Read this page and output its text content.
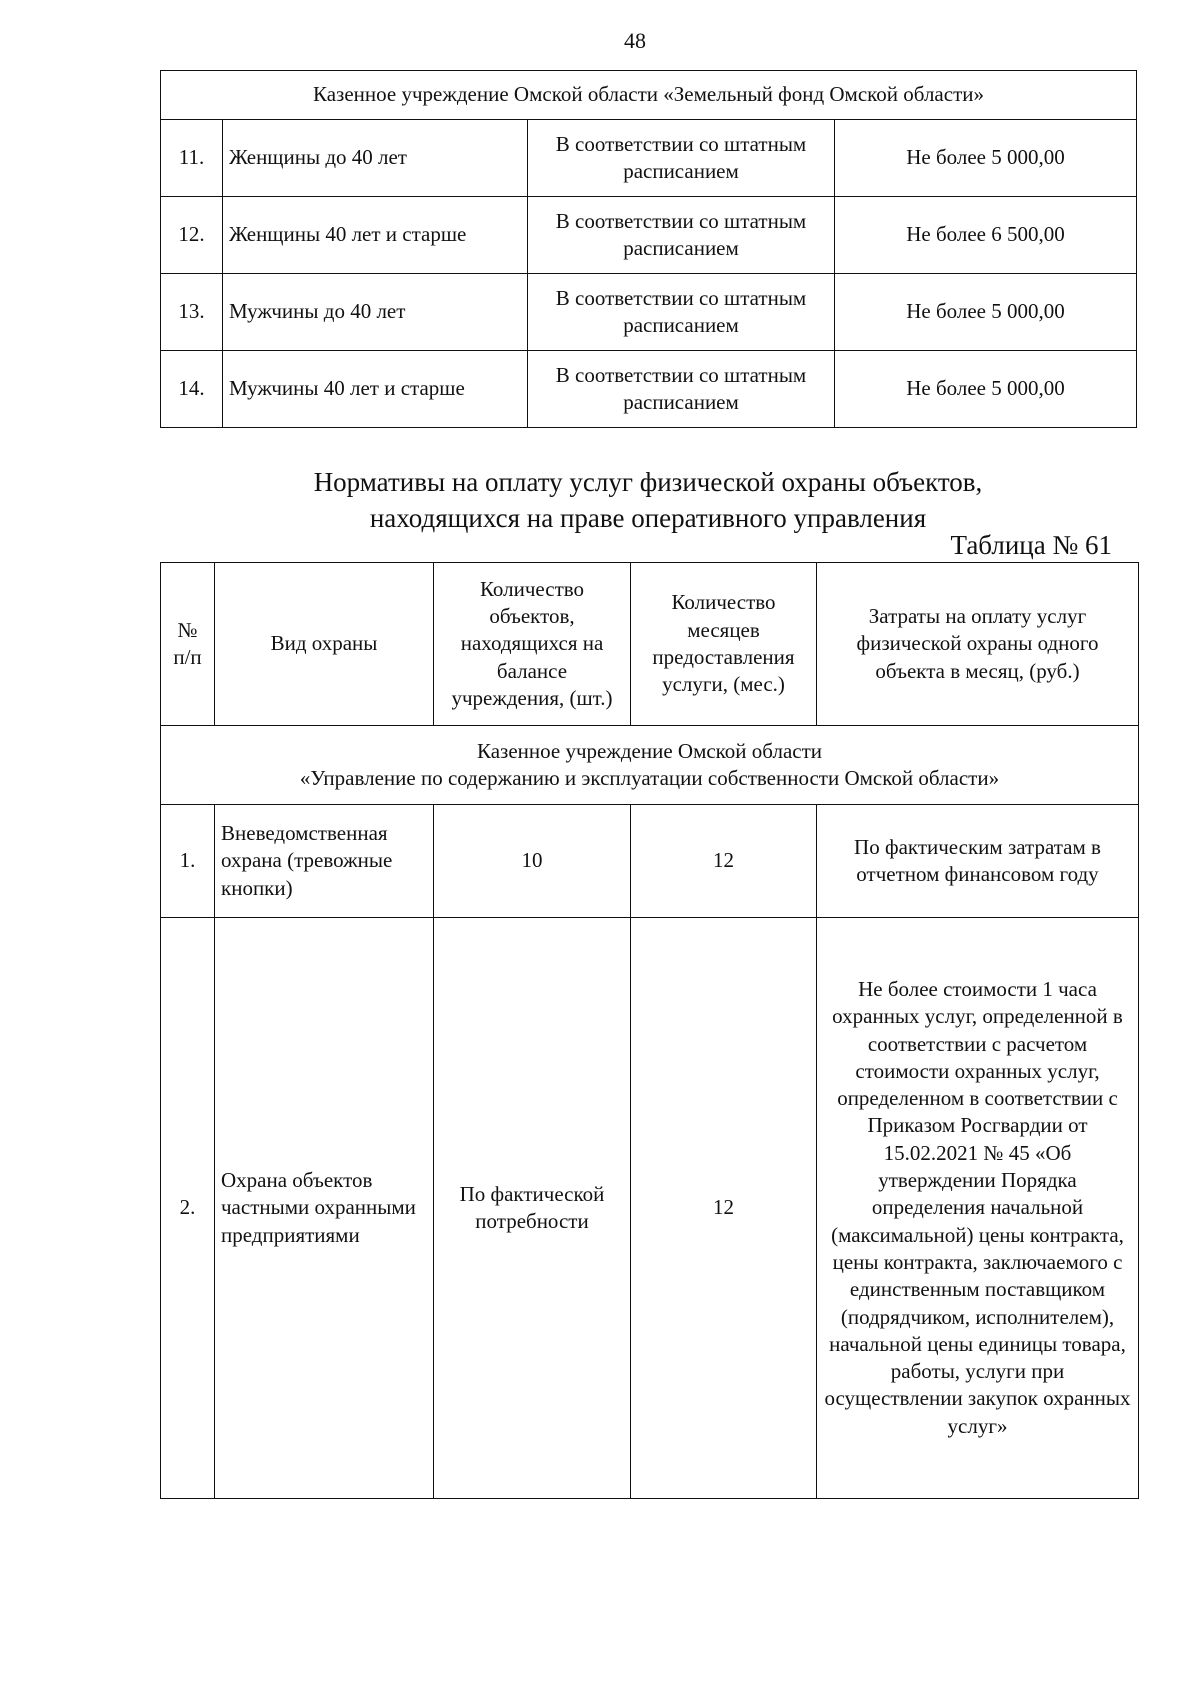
48
Казенное учреждение Омской области «Земельный фонд Омской области»			
11.	Женщины до 40 лет	В соответствии со штатным расписанием	Не более 5 000,00
12.	Женщины 40 лет и старше	В соответствии со штатным расписанием	Не более 6 500,00
13.	Мужчины до 40 лет	В соответствии со штатным расписанием	Не более 5 000,00
14.	Мужчины 40 лет и старше	В соответствии со штатным расписанием	Не более 5 000,00
Нормативы на оплату услуг физической охраны объектов,
находящихся на праве оперативного управления
Таблица № 61
№ п/п	Вид охраны	Количество объектов, находящихся на балансе учреждения, (шт.)	Количество месяцев предоставления услуги, (мес.)	Затраты на оплату услуг физической охраны одного объекта в месяц, (руб.)

Казенное учреждение Омской области
«Управление по содержанию и эксплуатации собственности Омской области»				

1.	Вневедомственная охрана (тревожные кнопки)	10	12	По фактическим затратам в отчетном финансовом году
2.	Охрана объектов частными охранными предприятиями	По фактической потребности	12	Не более стоимости 1 часа охранных услуг, определенной в соответствии с расчетом стоимости охранных услуг, определенном в соответствии с Приказом Росгвардии от 15.02.2021 № 45 «Об утверждении Порядка определения начальной (максимальной) цены контракта, цены контракта, заключаемого с единственным поставщиком (подрядчиком, исполнителем), начальной цены единицы товара, работы, услуги при осуществлении закупок охранных услуг»
